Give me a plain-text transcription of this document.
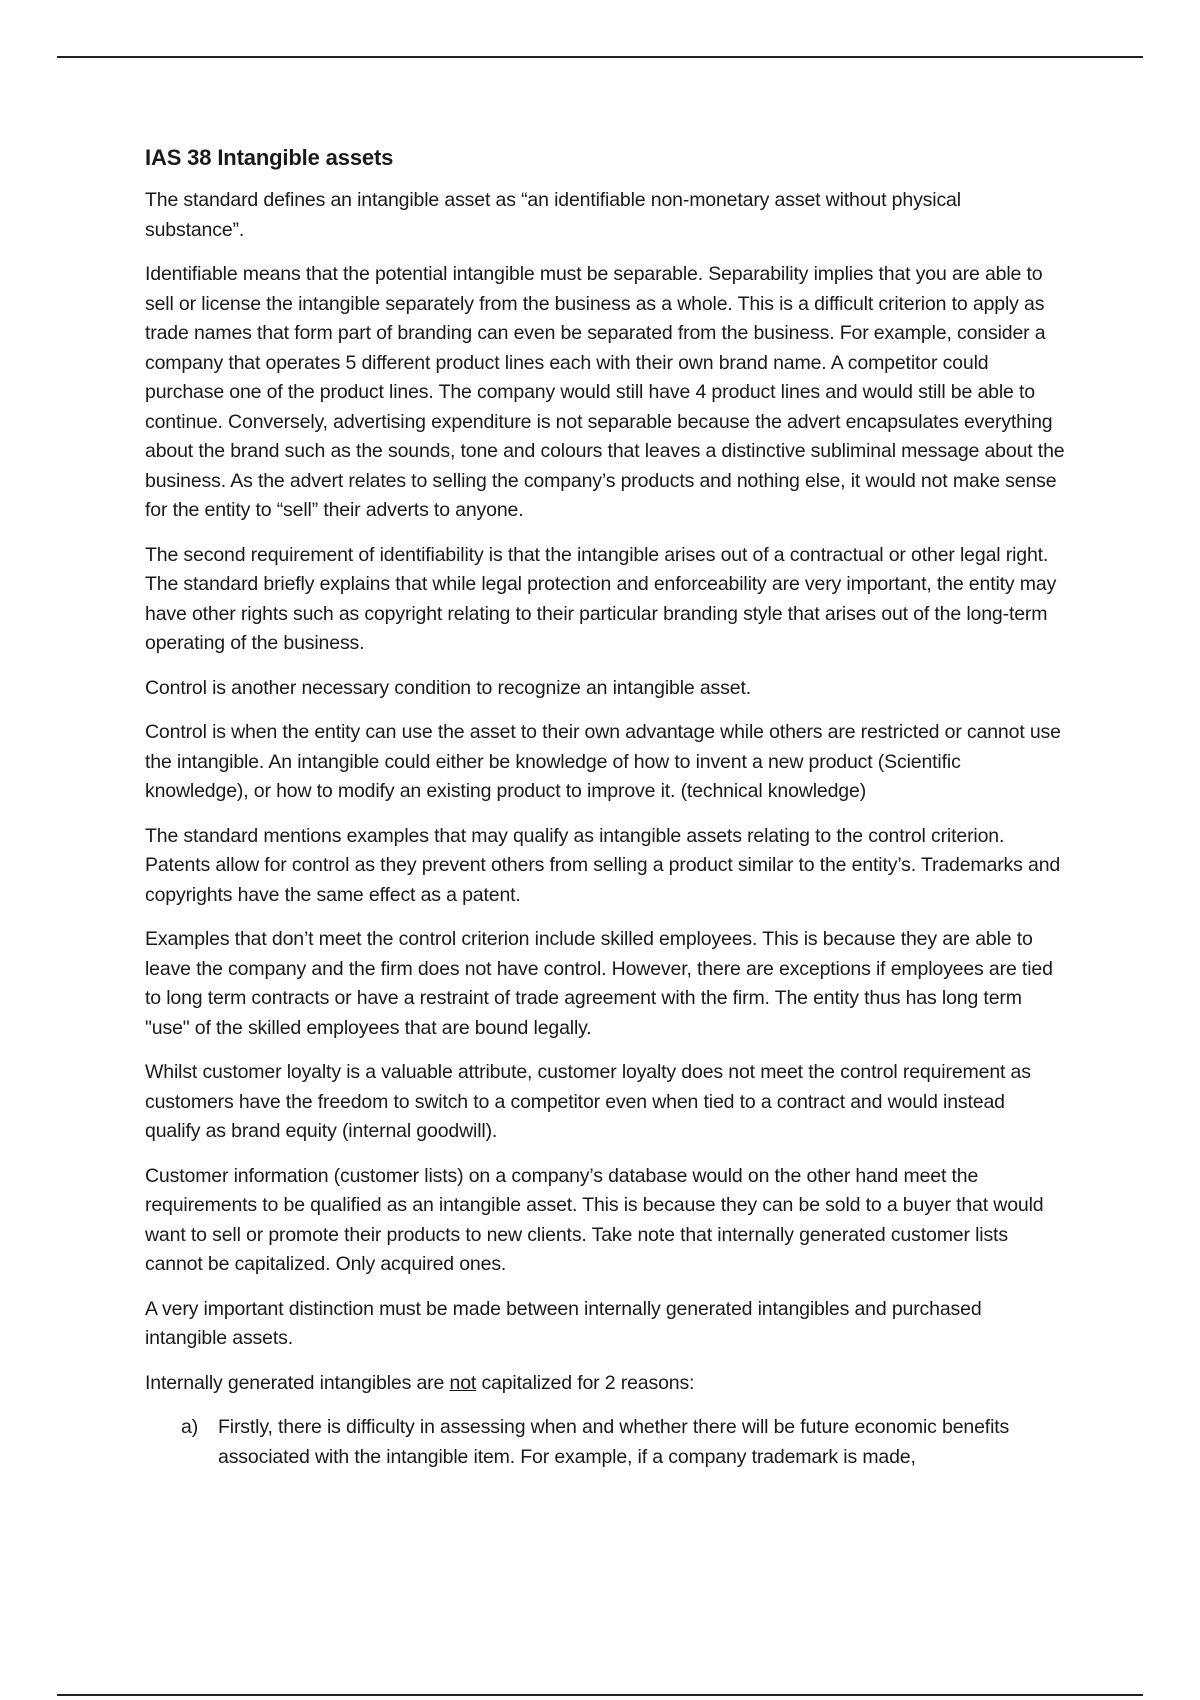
IAS 38 Intangible assets

The standard defines an intangible asset as “an identifiable non-monetary asset without physical substance”.

Identifiable means that the potential intangible must be separable. Separability implies that you are able to sell or license the intangible separately from the business as a whole. This is a difficult criterion to apply as trade names that form part of branding can even be separated from the business. For example, consider a company that operates 5 different product lines each with their own brand name. A competitor could purchase one of the product lines. The company would still have 4 product lines and would still be able to continue. Conversely, advertising expenditure is not separable because the advert encapsulates everything about the brand such as the sounds, tone and colours that leaves a distinctive subliminal message about the business. As the advert relates to selling the company’s products and nothing else, it would not make sense for the entity to “sell” their adverts to anyone.

The second requirement of identifiability is that the intangible arises out of a contractual or other legal right. The standard briefly explains that while legal protection and enforceability are very important, the entity may have other rights such as copyright relating to their particular branding style that arises out of the long-term operating of the business.

Control is another necessary condition to recognize an intangible asset.

Control is when the entity can use the asset to their own advantage while others are restricted or cannot use the intangible. An intangible could either be knowledge of how to invent a new product (Scientific knowledge), or how to modify an existing product to improve it. (technical knowledge)

The standard mentions examples that may qualify as intangible assets relating to the control criterion. Patents allow for control as they prevent others from selling a product similar to the entity’s. Trademarks and copyrights have the same effect as a patent.

Examples that don’t meet the control criterion include skilled employees. This is because they are able to leave the company and the firm does not have control. However, there are exceptions if employees are tied to long term contracts or have a restraint of trade agreement with the firm. The entity thus has long term "use" of the skilled employees that are bound legally.

Whilst customer loyalty is a valuable attribute, customer loyalty does not meet the control requirement as customers have the freedom to switch to a competitor even when tied to a contract and would instead qualify as brand equity (internal goodwill).

Customer information (customer lists) on a company’s database would on the other hand meet the requirements to be qualified as an intangible asset. This is because they can be sold to a buyer that would want to sell or promote their products to new clients. Take note that internally generated customer lists cannot be capitalized. Only acquired ones.

A very important distinction must be made between internally generated intangibles and purchased intangible assets.

Internally generated intangibles are not capitalized for 2 reasons:

a) Firstly, there is difficulty in assessing when and whether there will be future economic benefits associated with the intangible item. For example, if a company trademark is made,
